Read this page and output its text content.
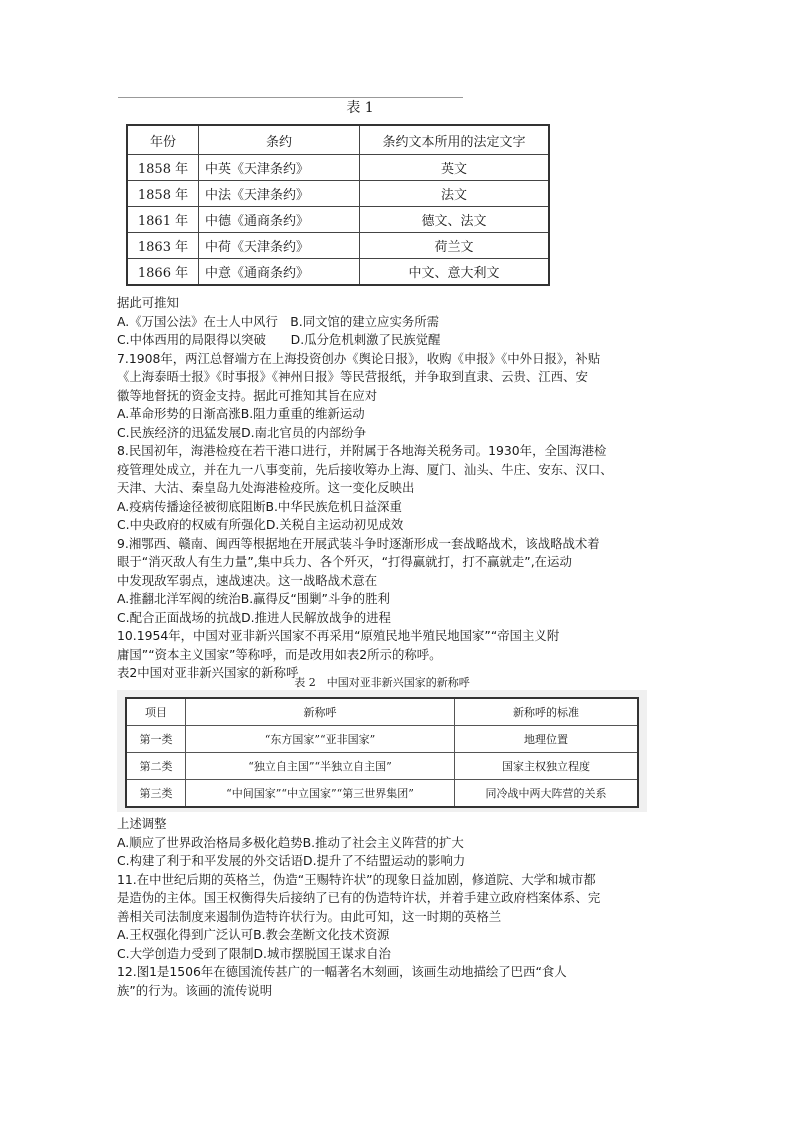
表 1
年份	条约	条约文本所用的法定文字
1858 年	中英《天津条约》	英文
1858 年	中法《天津条约》	法文
1861 年	中德《通商条约》	德文、法文
1863 年	中荷《天津条约》	荷兰文
1866 年	中意《通商条约》	中文、意大利文

据此可推知

A.《万国公法》在士人中风行　B.同文馆的建立应实务所需

C.中体西用的局限得以突破　　D.瓜分危机刺激了民族觉醒

7.1908年，两江总督端方在上海投资创办《舆论日报》，收购《申报》《中外日报》，补贴

《上海泰晤士报》《时事报》《神州日报》等民营报纸，并争取到直隶、云贵、江西、安

徽等地督抚的资金支持。据此可推知其旨在应对

A.革命形势的日渐高涨B.阻力重重的维新运动

C.民族经济的迅猛发展D.南北官员的内部纷争

8.民国初年，海港检疫在若干港口进行，并附属于各地海关税务司。1930年，全国海港检

疫管理处成立，并在九一八事变前，先后接收筹办上海、厦门、汕头、牛庄、安东、汉口、

天津、大沽、秦皇岛九处海港检疫所。这一变化反映出

A.疫病传播途径被彻底阻断B.中华民族危机日益深重

C.中央政府的权威有所强化D.关税自主运动初见成效

9.湘鄂西、赣南、闽西等根据地在开展武装斗争时逐渐形成一套战略战术，该战略战术着

眼于“消灭敌人有生力量”,集中兵力、各个歼灭，“打得赢就打，打不赢就走”,在运动

中发现敌军弱点，速战速决。这一战略战术意在

A.推翻北洋军阀的统治B.赢得反“围剿”斗争的胜利

C.配合正面战场的抗战D.推进人民解放战争的进程

10.1954年，中国对亚非新兴国家不再采用“原殖民地半殖民地国家”“帝国主义附

庸国”“资本主义国家”等称呼，而是改用如表2所示的称呼。

表2中国对亚非新兴国家的新称呼

表 2　中国对亚非新兴国家的新称呼
项目	新称呼	新称呼的标准
第一类	“东方国家”“亚非国家”	地理位置
第二类	“独立自主国”“半独立自主国”	国家主权独立程度
第三类	“中间国家”“中立国家”“第三世界集团”	同冷战中两大阵营的关系

上述调整

A.顺应了世界政治格局多极化趋势B.推动了社会主义阵营的扩大

C.构建了利于和平发展的外交话语D.提升了不结盟运动的影响力

11.在中世纪后期的英格兰，伪造“王赐特许状”的现象日益加剧，修道院、大学和城市都

是造伪的主体。国王权衡得失后接纳了已有的伪造特许状，并着手建立政府档案体系、完

善相关司法制度来遏制伪造特许状行为。由此可知，这一时期的英格兰

A.王权强化得到广泛认可B.教会垄断文化技术资源

C.大学创造力受到了限制D.城市摆脱国王谋求自治

12.图1是1506年在德国流传甚广的一幅著名木刻画，该画生动地描绘了巴西“食人

族”的行为。该画的流传说明
